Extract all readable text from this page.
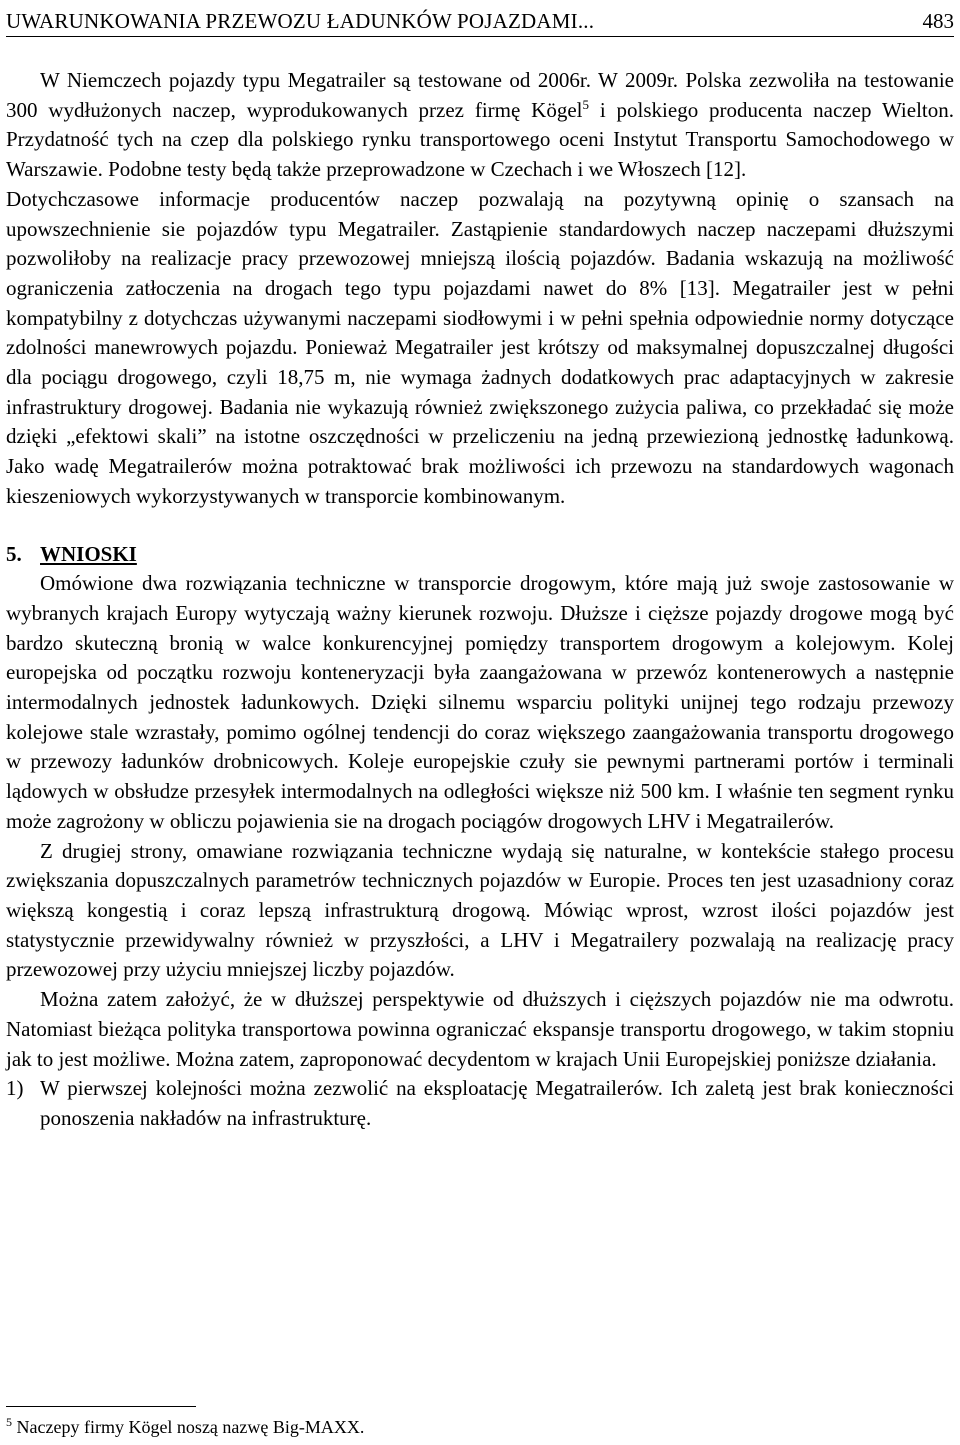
UWARUNKOWANIA PRZEWOZU ŁADUNKÓW POJAZDAMI...	483

W Niemczech pojazdy typu Megatrailer są testowane od 2006r. W 2009r. Polska zezwoliła na testowanie 300 wydłużonych naczep, wyprodukowanych przez firmę Kögel$^5$ i polskiego producenta naczep Wielton. Przydatność tych na czep dla polskiego rynku transportowego oceni Instytut Transportu Samochodowego w Warszawie. Podobne testy będą także przeprowadzone w Czechach i we Włoszech [12].

Dotychczasowe informacje producentów naczep pozwalają na pozytywną opinię o szansach na upowszechnienie sie pojazdów typu Megatrailer. Zastąpienie standardowych naczep naczepami dłuższymi pozwoliłoby na realizacje pracy przewozowej mniejszą ilością pojazdów. Badania wskazują na możliwość ograniczenia zatłoczenia na drogach tego typu pojazdami nawet do 8% [13]. Megatrailer jest w pełni kompatybilny z dotychczas używanymi naczepami siodłowymi i w pełni spełnia odpowiednie normy dotyczące zdolności manewrowych pojazdu. Ponieważ Megatrailer jest krótszy od maksymalnej dopuszczalnej długości dla pociągu drogowego, czyli 18,75 m, nie wymaga żadnych dodatkowych prac adaptacyjnych w zakresie infrastruktury drogowej. Badania nie wykazują również zwiększonego zużycia paliwa, co przekładać się może dzięki „efektowi skali” na istotne oszczędności w przeliczeniu na jedną przewiezioną jednostkę ładunkową. Jako wadę Megatrailerów można potraktować brak możliwości ich przewozu na standardowych wagonach kieszeniowych wykorzystywanych w transporcie kombinowanym.

5. WNIOSKI

Omówione dwa rozwiązania techniczne w transporcie drogowym, które mają już swoje zastosowanie w wybranych krajach Europy wytyczają ważny kierunek rozwoju. Dłuższe i cięższe pojazdy drogowe mogą być bardzo skuteczną bronią w walce konkurencyjnej pomiędzy transportem drogowym a kolejowym. Kolej europejska od początku rozwoju konteneryzacji była zaangażowana w przewóz kontenerowych a następnie intermodalnych jednostek ładunkowych. Dzięki silnemu wsparciu polityki unijnej tego rodzaju przewozy kolejowe stale wzrastały, pomimo ogólnej tendencji do coraz większego zaangażowania transportu drogowego w przewozy ładunków drobnicowych. Koleje europejskie czuły sie pewnymi partnerami portów i terminali lądowych w obsłudze przesyłek intermodalnych na odległości większe niż 500 km. I właśnie ten segment rynku może zagrożony w obliczu pojawienia sie na drogach pociągów drogowych LHV i Megatrailerów.

Z drugiej strony, omawiane rozwiązania techniczne wydają się naturalne, w kontekście stałego procesu zwiększania dopuszczalnych parametrów technicznych pojazdów w Europie. Proces ten jest uzasadniony coraz większą kongestią i coraz lepszą infrastrukturą drogową. Mówiąc wprost, wzrost ilości pojazdów jest statystycznie przewidywalny również w przyszłości, a LHV i Megatrailery pozwalają na realizację pracy przewozowej przy użyciu mniejszej liczby pojazdów.

Można zatem założyć, że w dłuższej perspektywie od dłuższych i cięższych pojazdów nie ma odwrotu. Natomiast bieżąca polityka transportowa powinna ograniczać ekspansje transportu drogowego, w takim stopniu jak to jest możliwe. Można zatem, zaproponować decydentom w krajach Unii Europejskiej poniższe działania.

1) W pierwszej kolejności można zezwolić na eksploatację Megatrailerów. Ich zaletą jest brak konieczności ponoszenia nakładów na infrastrukturę.

$^5$ Naczepy firmy Kögel noszą nazwę Big-MAXX.
